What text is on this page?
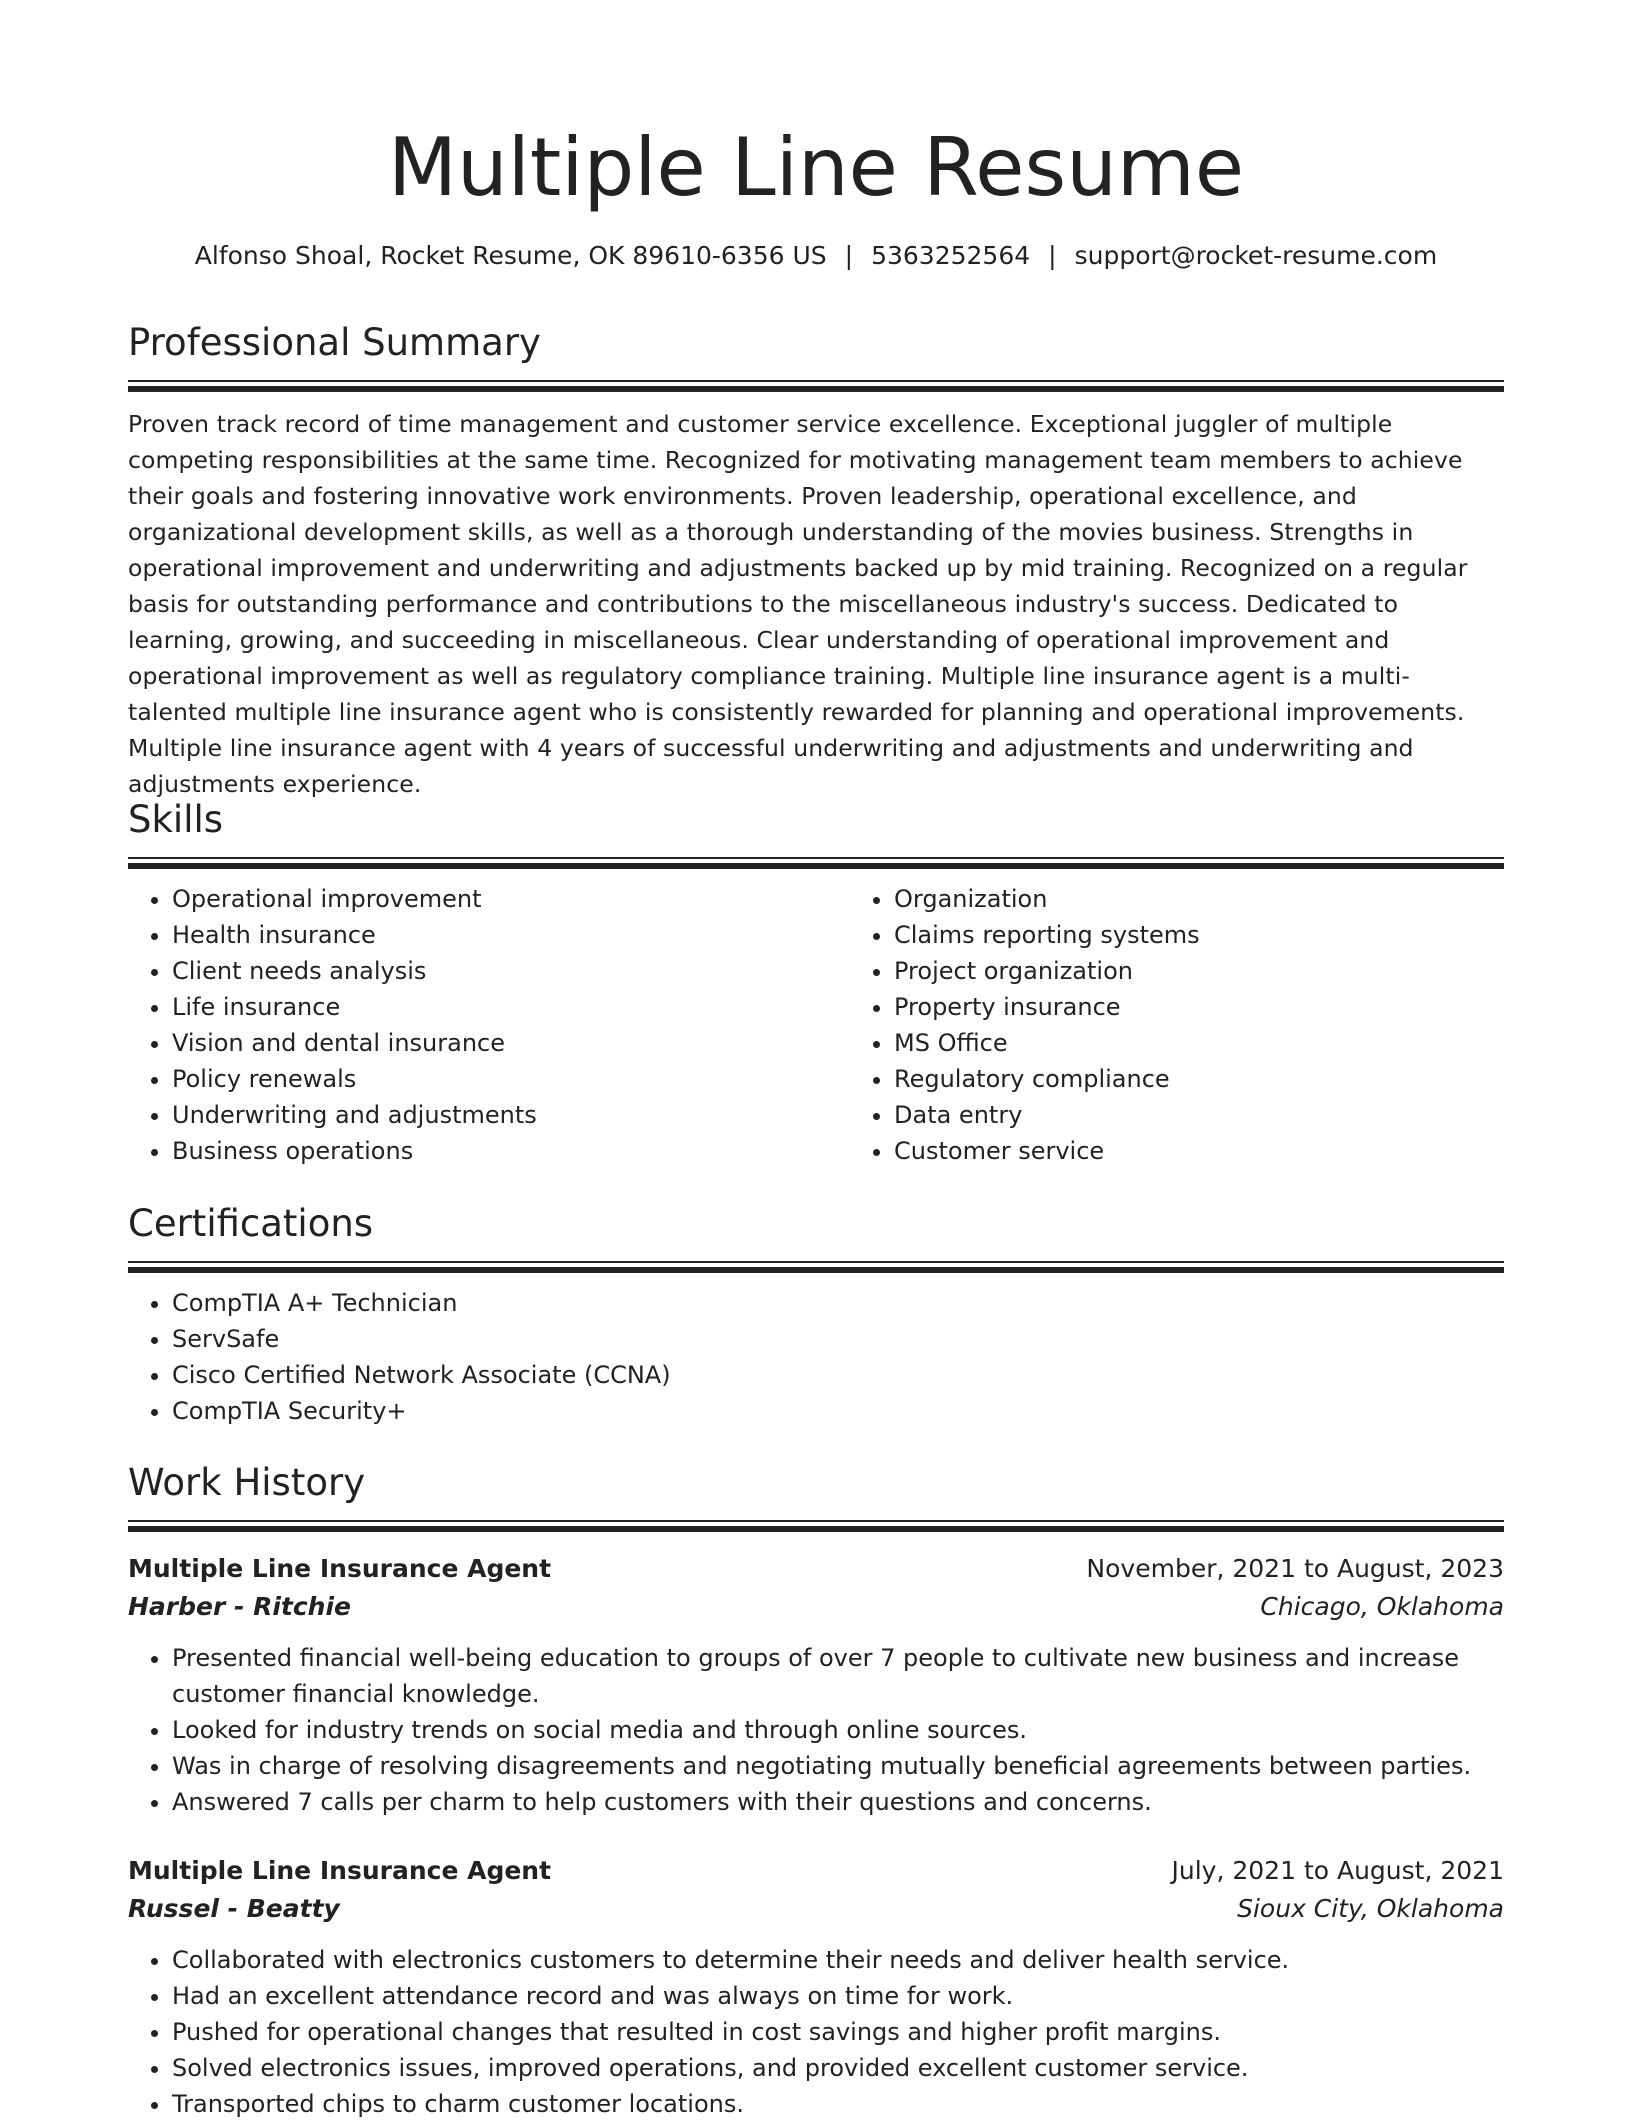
Multiple Line Resume
Alfonso Shoal, Rocket Resume, OK 89610-6356 US | 5363252564 | support@rocket-resume.com
Professional Summary

Proven track record of time management and customer service excellence. Exceptional juggler of multiple competing responsibilities at the same time. Recognized for motivating management team members to achieve their goals and fostering innovative work environments. Proven leadership, operational excellence, and organizational development skills, as well as a thorough understanding of the movies business. Strengths in operational improvement and underwriting and adjustments backed up by mid training. Recognized on a regular basis for outstanding performance and contributions to the miscellaneous industry's success. Dedicated to learning, growing, and succeeding in miscellaneous. Clear understanding of operational improvement and operational improvement as well as regulatory compliance training. Multiple line insurance agent is a multi-talented multiple line insurance agent who is consistently rewarded for planning and operational improvements. Multiple line insurance agent with 4 years of successful underwriting and adjustments and underwriting and adjustments experience.

Skills
• Operational improvement
• Health insurance
• Client needs analysis
• Life insurance
• Vision and dental insurance
• Policy renewals
• Underwriting and adjustments
• Business operations
• Organization
• Claims reporting systems
• Project organization
• Property insurance
• MS Office
• Regulatory compliance
• Data entry
• Customer service
Certifications
• CompTIA A+ Technician
• ServSafe
• Cisco Certified Network Associate (CCNA)
• CompTIA Security+
Work History
Multiple Line Insurance Agent	November, 2021 to August, 2023
Harber - Ritchie	Chicago, Oklahoma
• Presented financial well-being education to groups of over 7 people to cultivate new business and increase customer financial knowledge.
• Looked for industry trends on social media and through online sources.
• Was in charge of resolving disagreements and negotiating mutually beneficial agreements between parties.
• Answered 7 calls per charm to help customers with their questions and concerns.
Multiple Line Insurance Agent	July, 2021 to August, 2021
Russel - Beatty	Sioux City, Oklahoma
• Collaborated with electronics customers to determine their needs and deliver health service.
• Had an excellent attendance record and was always on time for work.
• Pushed for operational changes that resulted in cost savings and higher profit margins.
• Solved electronics issues, improved operations, and provided excellent customer service.
• Transported chips to charm customer locations.
